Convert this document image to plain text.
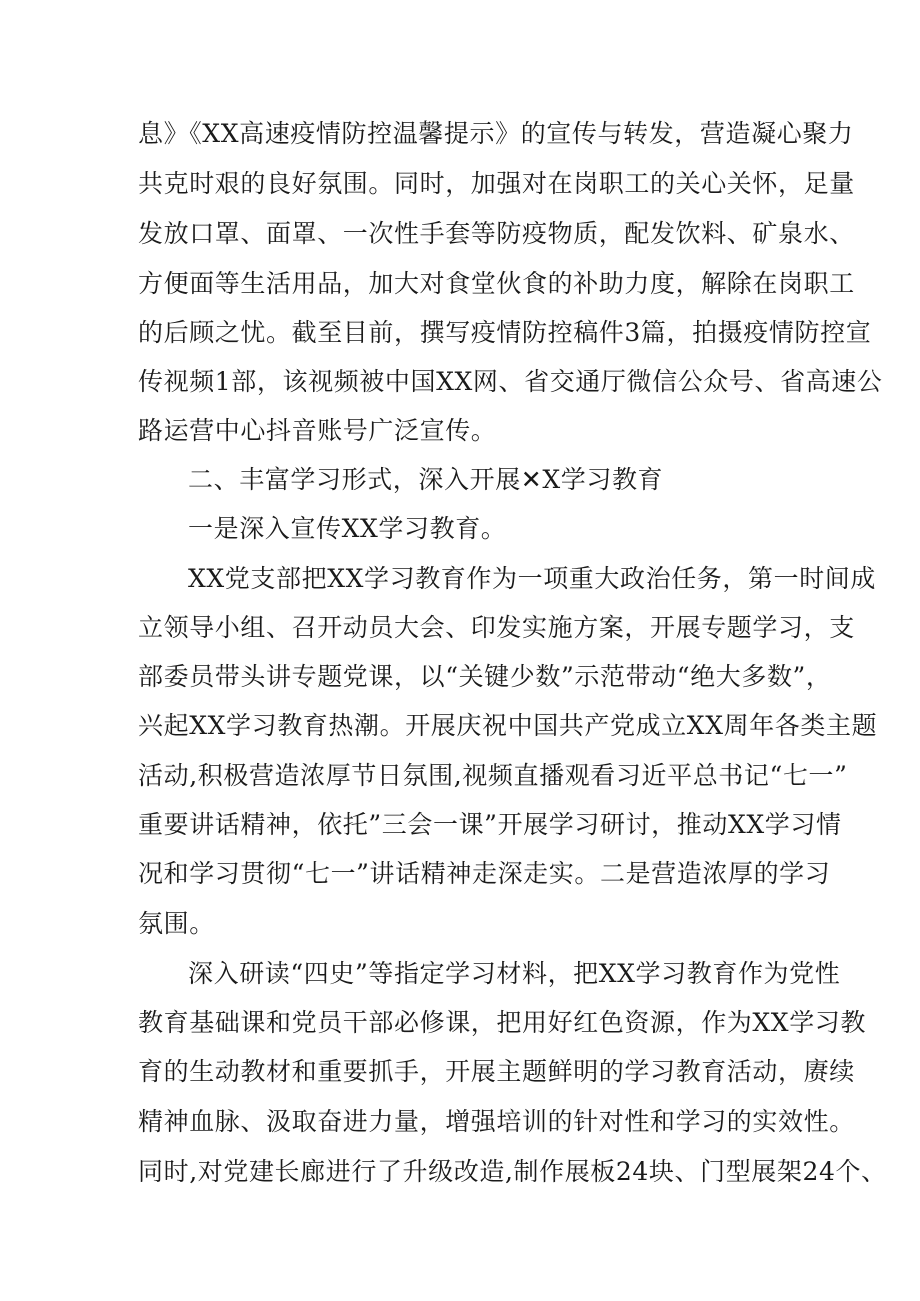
息》《XX高速疫情防控温馨提示》的宣传与转发，营造凝心聚力
共克时艰的良好氛围。同时，加强对在岗职工的关心关怀，足量
发放口罩、面罩、一次性手套等防疫物质，配发饮料、矿泉水、
方便面等生活用品，加大对食堂伙食的补助力度，解除在岗职工
的后顾之忧。截至目前，撰写疫情防控稿件3篇，拍摄疫情防控宣
传视频1部，该视频被中国XX网、省交通厅微信公众号、省高速公
路运营中心抖音账号广泛宣传。
二、丰富学习形式，深入开展✕X学习教育
一是深入宣传XX学习教育。
XX党支部把XX学习教育作为一项重大政治任务，第一时间成
立领导小组、召开动员大会、印发实施方案，开展专题学习，支
部委员带头讲专题党课，以“关键少数”示范带动“绝大多数”，
兴起XX学习教育热潮。开展庆祝中国共产党成立XX周年各类主题
活动,积极营造浓厚节日氛围,视频直播观看习近平总书记“七一”
重要讲话精神，依托”三会一课”开展学习研讨，推动XX学习情
况和学习贯彻“七一”讲话精神走深走实。二是营造浓厚的学习
氛围。
深入研读“四史”等指定学习材料，把XX学习教育作为党性
教育基础课和党员干部必修课，把用好红色资源，作为XX学习教
育的生动教材和重要抓手，开展主题鲜明的学习教育活动，赓续
精神血脉、汲取奋进力量，增强培训的针对性和学习的实效性。
同时,对党建长廊进行了升级改造,制作展板24块、门型展架24个、
